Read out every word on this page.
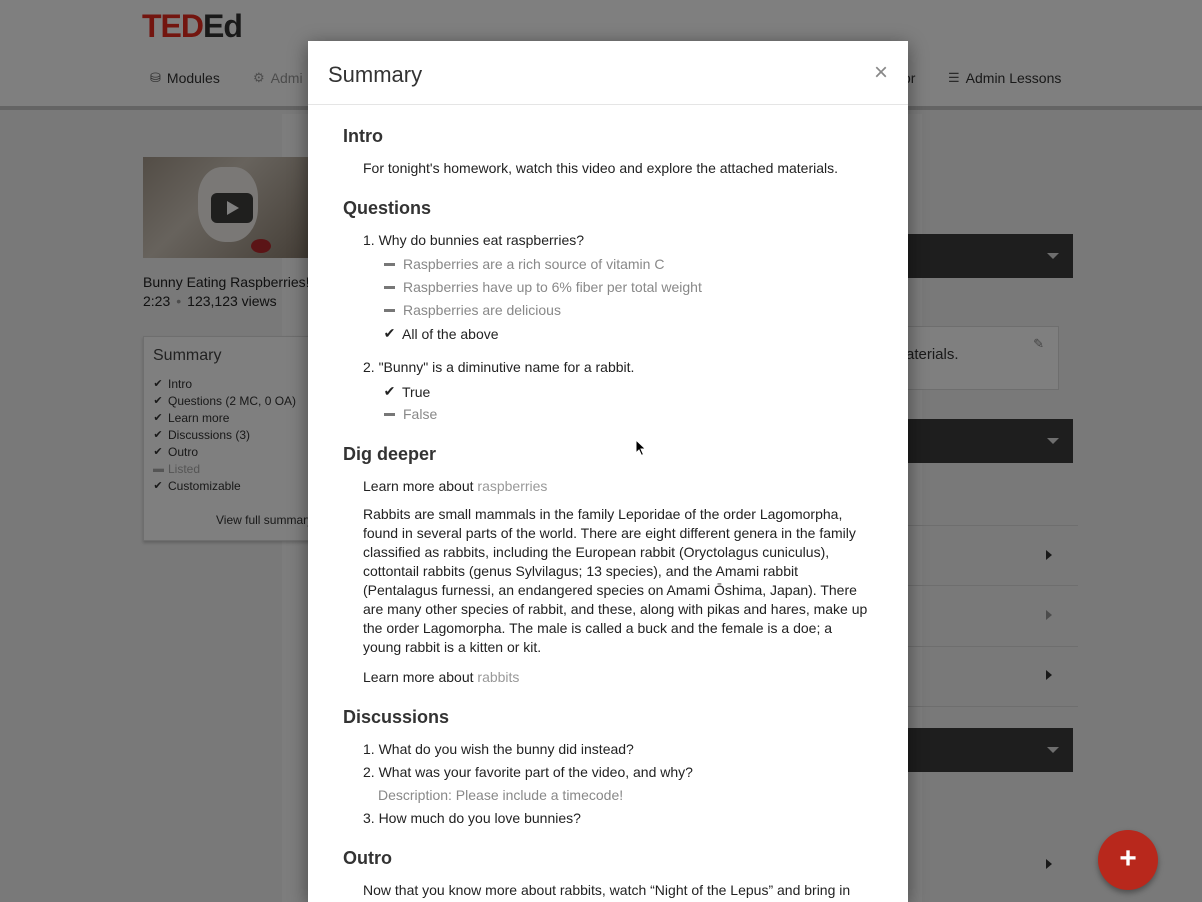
+
Summary	×
Intro
For tonight's homework, watch this video and explore the attached materials.
Questions
1. Why do bunnies eat raspberries?
Raspberries are a rich source of vitamin C
Raspberries have up to 6% fiber per total weight
Raspberries are delicious
✔ All of the above
2. "Bunny" is a diminutive name for a rabbit.
✔ True
False
Dig deeper
Learn more about raspberries
Rabbits are small mammals in the family Leporidae of the order Lagomorpha, found in several parts of the world. There are eight different genera in the family classified as rabbits, including the European rabbit (Oryctolagus cuniculus), cottontail rabbits (genus Sylvilagus; 13 species), and the Amami rabbit (Pentalagus furnessi, an endangered species on Amami Ōshima, Japan). There are many other species of rabbit, and these, along with pikas and hares, make up the order Lagomorpha. The male is called a buck and the female is a doe; a young rabbit is a kitten or kit.
Learn more about rabbits
Discussions
1. What do you wish the bunny did instead?
2. What was your favorite part of the video, and why?
Description: Please include a timecode!
3. How much do you love bunnies?
Outro
Now that you know more about rabbits, watch “Night of the Lepus” and bring in
